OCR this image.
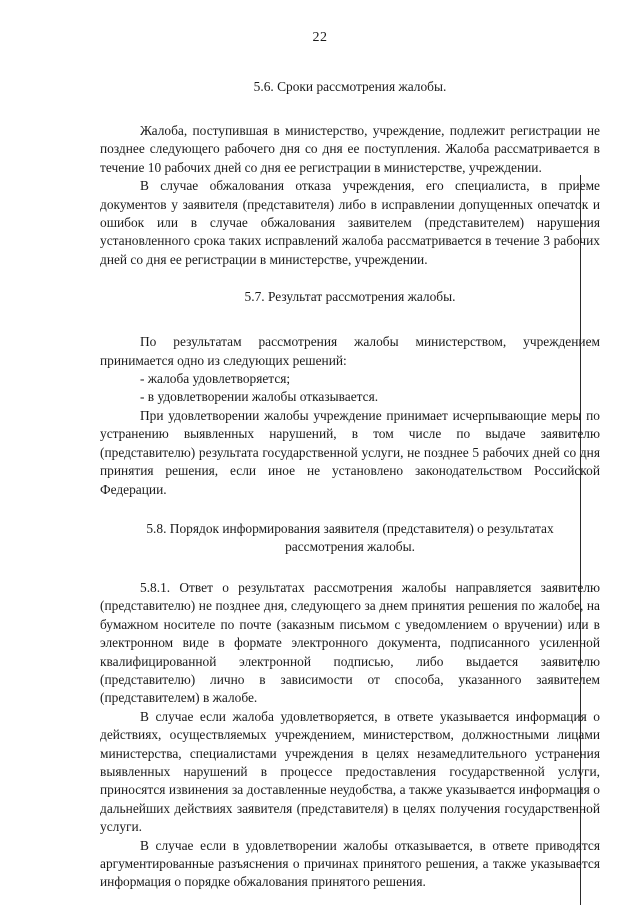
22
5.6. Сроки рассмотрения жалобы.

Жалоба, поступившая в министерство, учреждение, подлежит регистрации не позднее следующего рабочего дня со дня ее поступления. Жалоба рассматривается в течение 10 рабочих дней со дня ее регистрации в министерстве, учреждении.

В случае обжалования отказа учреждения, его специалиста, в приеме документов у заявителя (представителя) либо в исправлении допущенных опечаток и ошибок или в случае обжалования заявителем (представителем) нарушения установленного срока таких исправлений жалоба рассматривается в течение 3 рабочих дней со дня ее регистрации в министерстве, учреждении.

5.7. Результат рассмотрения жалобы.

По результатам рассмотрения жалобы министерством, учреждением принимается одно из следующих решений:

- жалоба удовлетворяется;

- в удовлетворении жалобы отказывается.

При удовлетворении жалобы учреждение принимает исчерпывающие меры по устранению выявленных нарушений, в том числе по выдаче заявителю (представителю) результата государственной услуги, не позднее 5 рабочих дней со дня принятия решения, если иное не установлено законодательством Российской Федерации.

5.8. Порядок информирования заявителя (представителя) о результатах
рассмотрения жалобы.

5.8.1. Ответ о результатах рассмотрения жалобы направляется заявителю (представителю) не позднее дня, следующего за днем принятия решения по жалобе, на бумажном носителе по почте (заказным письмом с уведомлением о вручении) или в электронном виде в формате электронного документа, подписанного усиленной квалифицированной электронной подписью, либо выдается заявителю (представителю) лично в зависимости от способа, указанного заявителем (представителем) в жалобе.

В случае если жалоба удовлетворяется, в ответе указывается информация о действиях, осуществляемых учреждением, министерством, должностными лицами министерства, специалистами учреждения в целях незамедлительного устранения выявленных нарушений в процессе предоставления государственной услуги, приносятся извинения за доставленные неудобства, а также указывается информация о дальнейших действиях заявителя (представителя) в целях получения государственной услуги.

В случае если в удовлетворении жалобы отказывается, в ответе приводятся аргументированные разъяснения о причинах принятого решения, а также указывается информация о порядке обжалования принятого решения.
